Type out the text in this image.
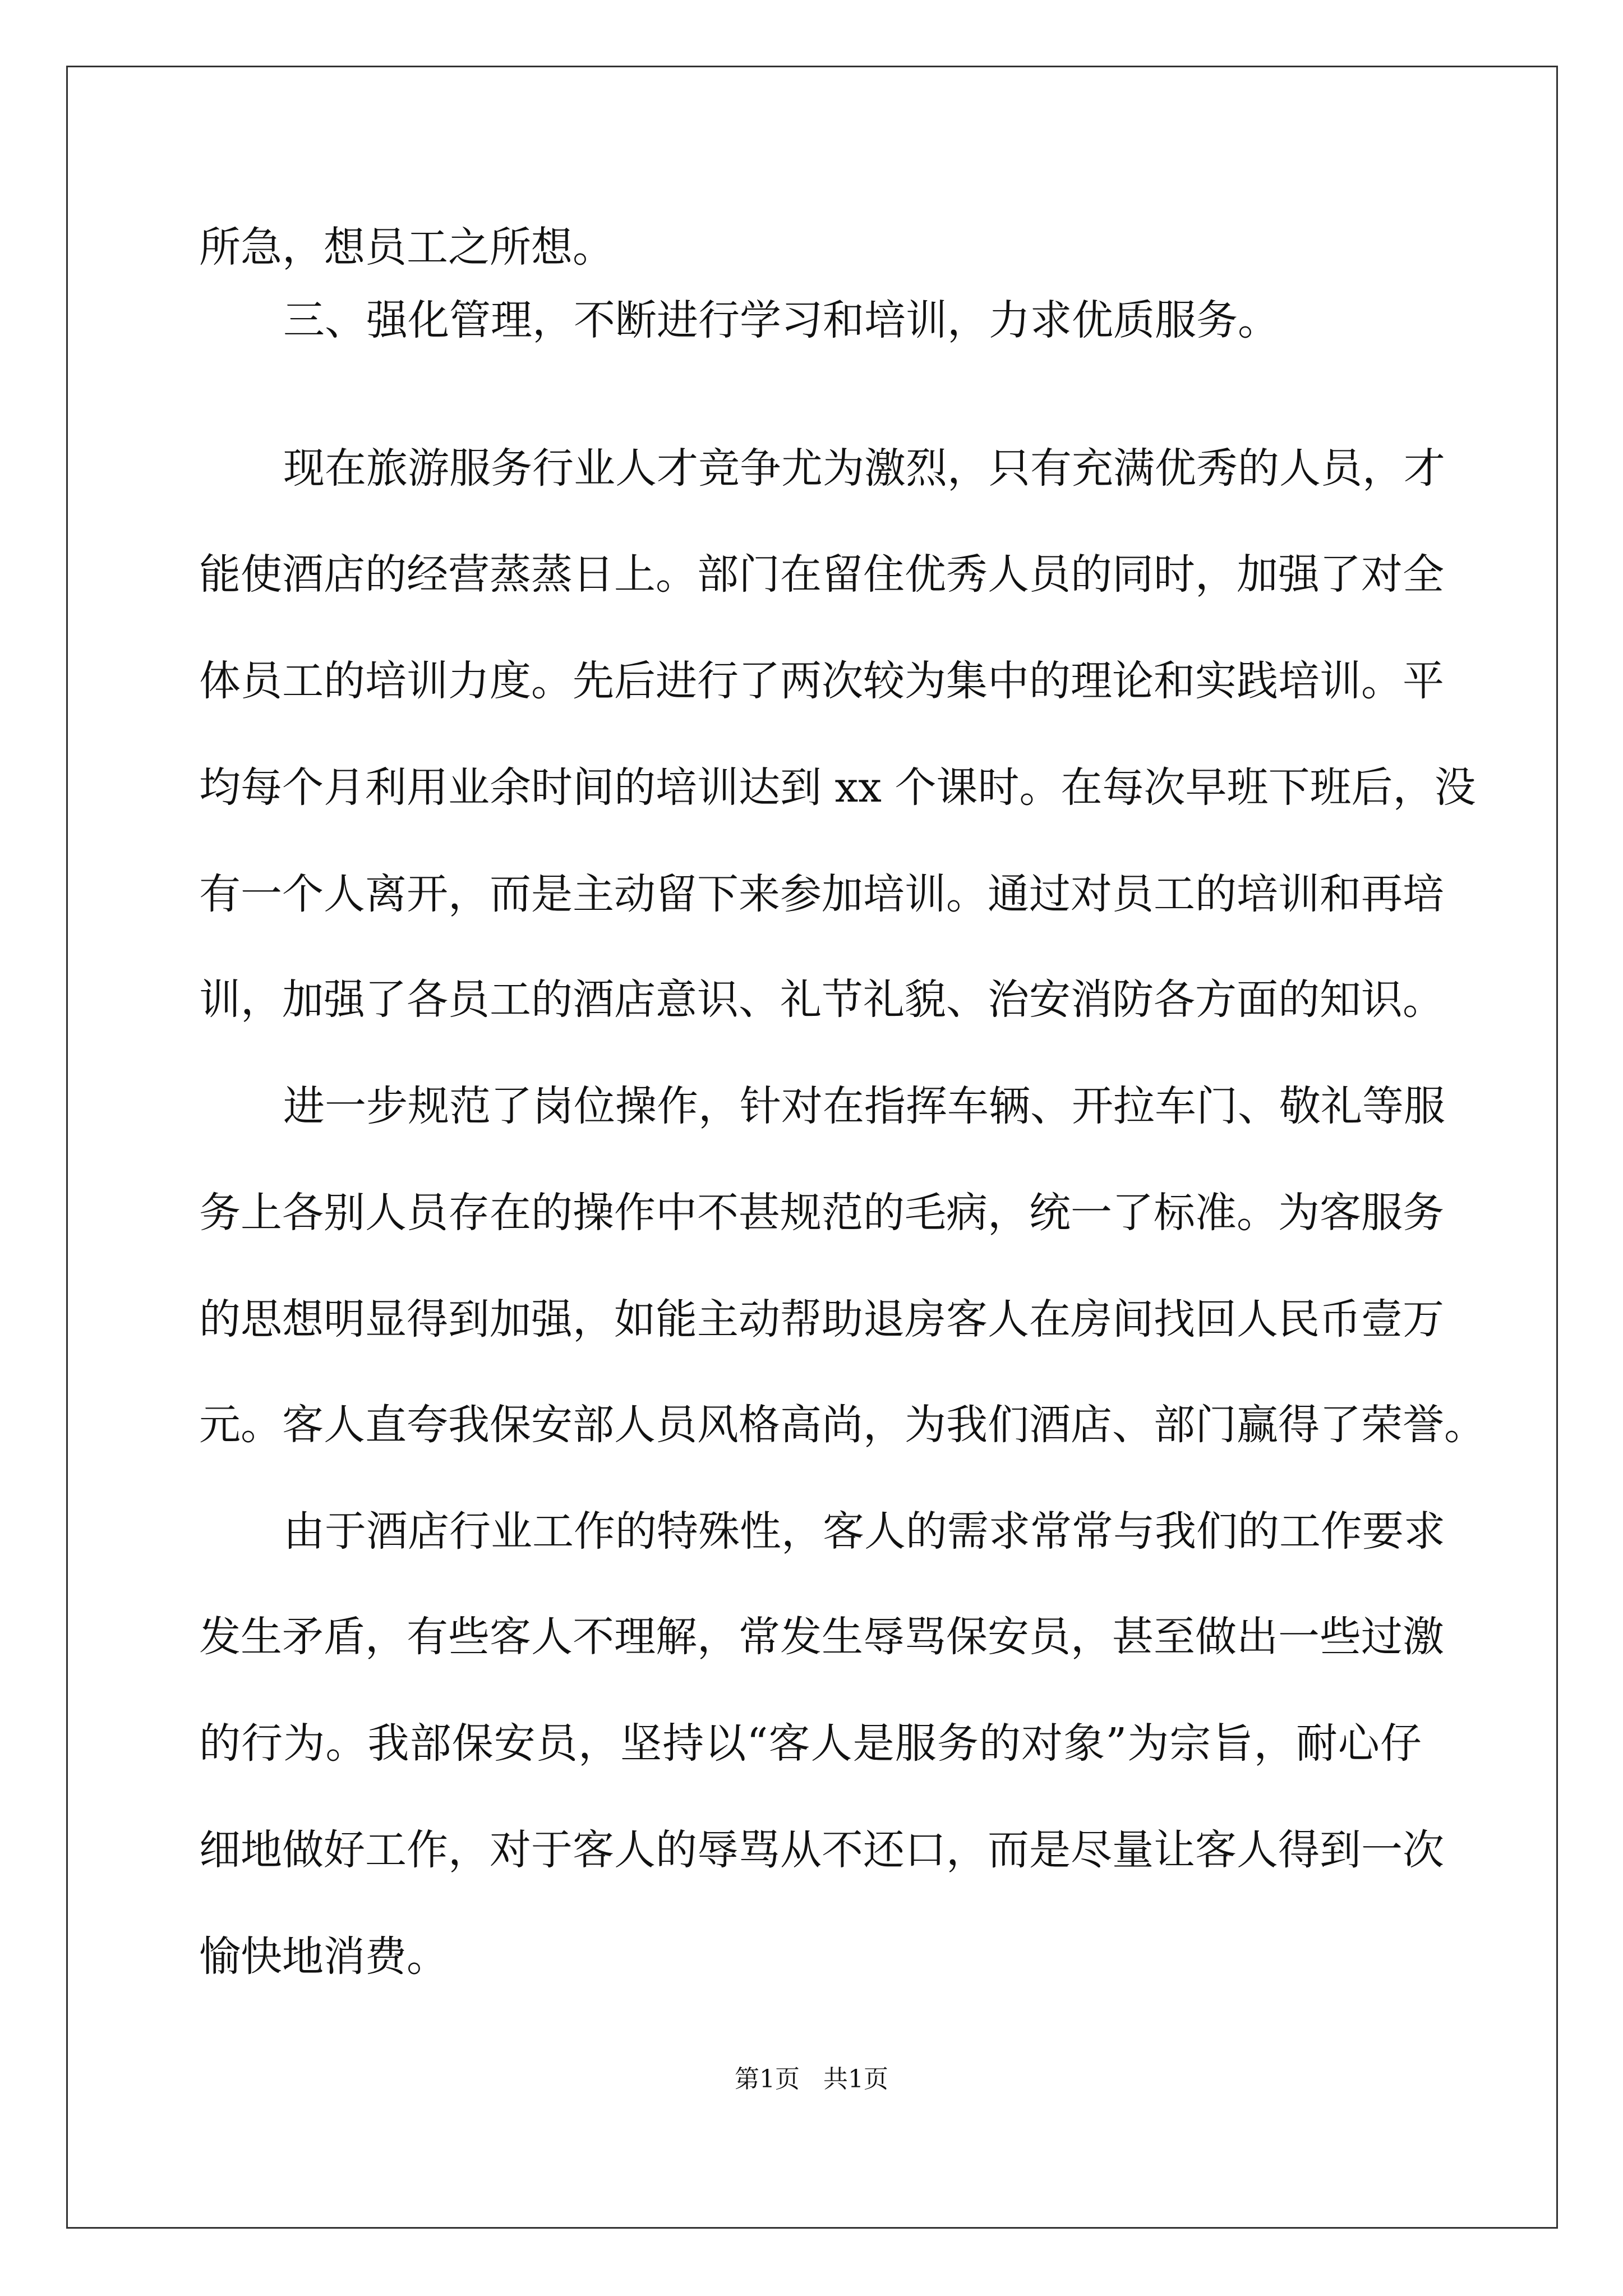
所急，想员工之所想。
三、强化管理，不断进行学习和培训，力求优质服务。
现在旅游服务行业人才竞争尤为激烈，只有充满优秀的人员，才
能使酒店的经营蒸蒸日上。部门在留住优秀人员的同时，加强了对全
体员工的培训力度。先后进行了两次较为集中的理论和实践培训。平
均每个月利用业余时间的培训达到 xx 个课时。在每次早班下班后，没
有一个人离开，而是主动留下来参加培训。通过对员工的培训和再培
训，加强了各员工的酒店意识、礼节礼貌、治安消防各方面的知识。
进一步规范了岗位操作，针对在指挥车辆、开拉车门、敬礼等服
务上各别人员存在的操作中不甚规范的毛病，统一了标准。为客服务
的思想明显得到加强，如能主动帮助退房客人在房间找回人民币壹万
元。客人直夸我保安部人员风格高尚，为我们酒店、部门赢得了荣誉。
由于酒店行业工作的特殊性，客人的需求常常与我们的工作要求
发生矛盾，有些客人不理解，常发生辱骂保安员，甚至做出一些过激
的行为。我部保安员，坚持以“客人是服务的对象”为宗旨，耐心仔
细地做好工作，对于客人的辱骂从不还口，而是尽量让客人得到一次
愉快地消费。
第1页   共1页
